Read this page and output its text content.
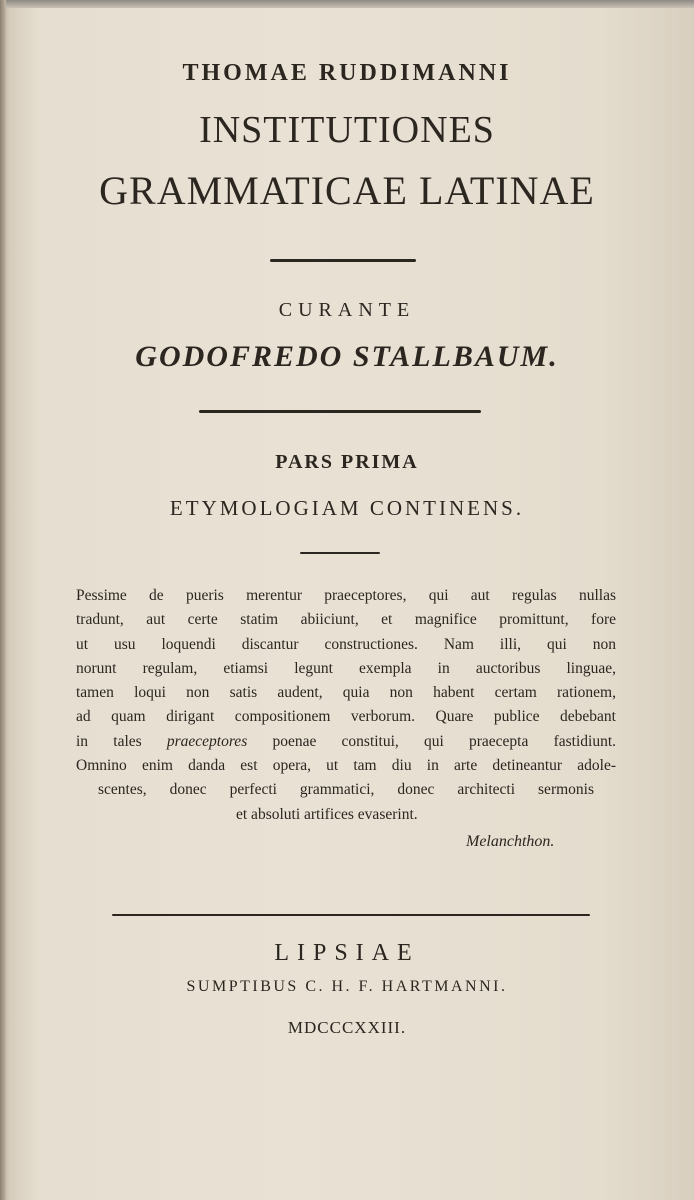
THOMAE RUDDIMANNI
INSTITUTIONES
GRAMMATICAE LATINAE
CURANTE
GODOFREDO STALLBAUM.
PARS PRIMA
ETYMOLOGIAM CONTINENS.
Pessime de pueris merentur praeceptores, qui aut regulas nullas
tradunt, aut certe statim abiiciunt, et magnifice promittunt, fore
ut usu loquendi discantur constructiones. Nam illi, qui non
norunt regulam, etiamsi legunt exempla in auctoribus linguae,
tamen loqui non satis audent, quia non habent certam rationem,
ad quam dirigant compositionem verborum. Quare publice debebant
in tales praeceptores poenae constitui, qui praecepta fastidiunt.
Omnino enim danda est opera, ut tam diu in arte detineantur adole-
scentes, donec perfecti grammatici, donec architecti sermonis
et absoluti artifices evaserint.
Melanchthon.
LIPSIAE
SUMPTIBUS C. H. F. HARTMANNI.
MDCCCXXIII.
